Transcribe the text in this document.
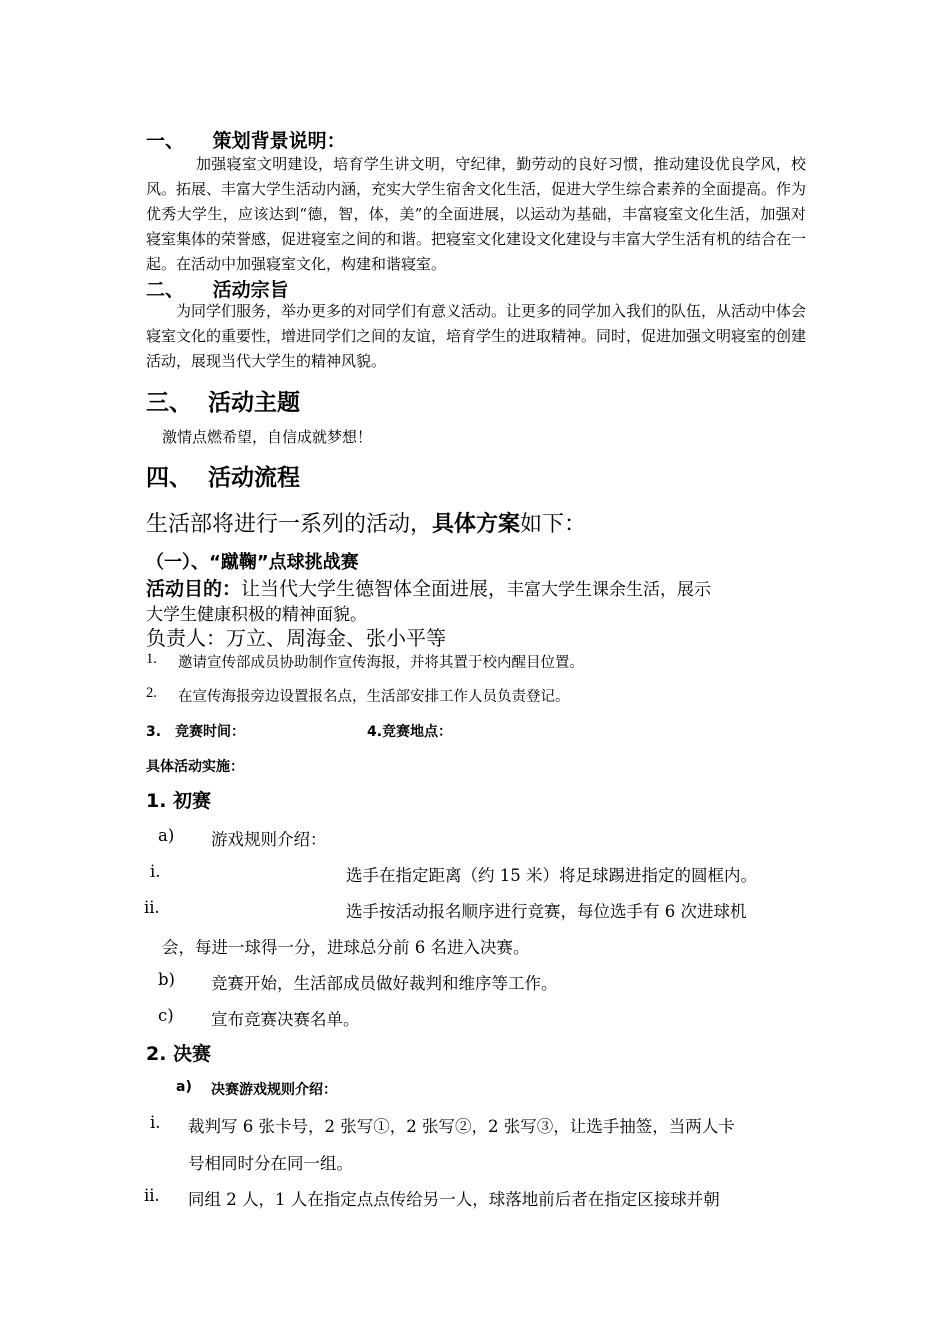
一、 策划背景说明：
加强寝室文明建设，培育学生讲文明，守纪律，勤劳动的良好习惯，推动建设优良学风，校风。拓展、丰富大学生活动内涵，充实大学生宿舍文化生活，促进大学生综合素养的全面提高。作为优秀大学生，应该达到“德，智，体，美”的全面进展，以运动为基础，丰富寝室文化生活，加强对寝室集体的荣誉感，促进寝室之间的和谐。把寝室文化建设文化建设与丰富大学生活有机的结合在一起。在活动中加强寝室文化，构建和谐寝室。
二、 活动宗旨
为同学们服务，举办更多的对同学们有意义活动。让更多的同学加入我们的队伍，从活动中体会寝室文化的重要性，增进同学们之间的友谊，培育学生的进取精神。同时，促进加强文明寝室的创建活动，展现当代大学生的精神风貌。
三、 活动主题
激情点燃希望，自信成就梦想！
四、 活动流程
生活部将进行一系列的活动，具体方案如下：
（一）、“蹴鞠”点球挑战赛
活动目的：让当代大学生德智体全面进展，丰富大学生课余生活，展示
大学生健康积极的精神面貌。
负责人：万立、周海金、张小平等
1. 邀请宣传部成员协助制作宣传海报，并将其置于校内醒目位置。
2. 在宣传海报旁边设置报名点，生活部安排工作人员负责登记。
3.　竞赛时间：	4.竞赛地点：
具体活动实施：
1. 初赛
a) 游戏规则介绍：
i.	选手在指定距离（约 15 米）将足球踢进指定的圆框内。
ii.	选手按活动报名顺序进行竞赛，每位选手有 6 次进球机
会，每进一球得一分，进球总分前 6 名进入决赛。
b) 竞赛开始，生活部成员做好裁判和维序等工作。
c) 宣布竞赛决赛名单。
2. 决赛
a) 决赛游戏规则介绍：
i. 裁判写 6 张卡号，2 张写①，2 张写②，2 张写③，让选手抽签，当两人卡
号相同时分在同一组。
ii. 同组 2 人，1 人在指定点点传给另一人，球落地前后者在指定区接球并朝
